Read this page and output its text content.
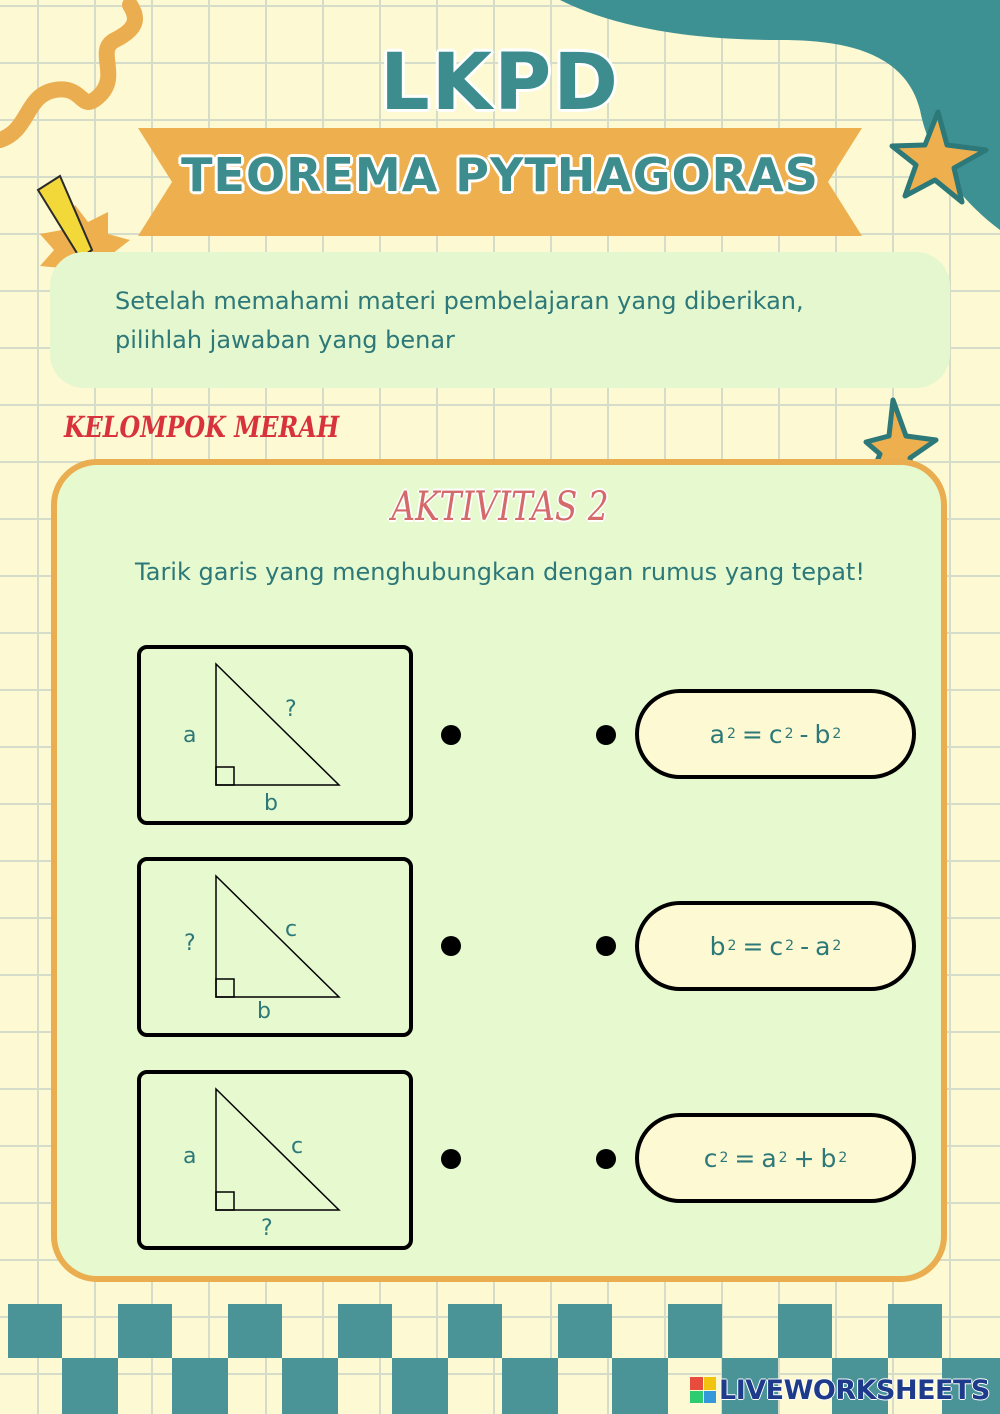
LKPD
TEOREMA PYTHAGORAS
Setelah memahami materi pembelajaran yang diberikan,
pilihlah jawaban yang benar
KELOMPOK MERAH
AKTIVITAS 2
Tarik garis yang menghubungkan dengan rumus yang tepat!
a
?
b
?
c
b
a	c
?
a 2 = c 2 - b 2
b 2 = c 2 - a 2
c 2 = a 2 + b 2
LIVEWORKSHEETS
